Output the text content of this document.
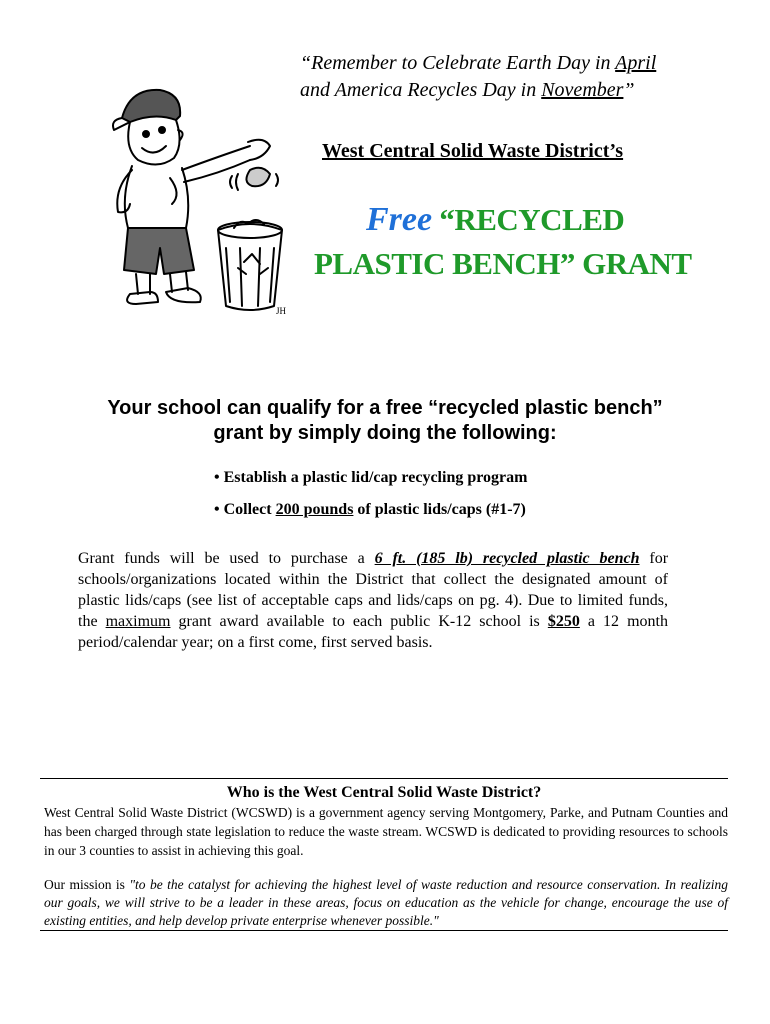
“Remember to Celebrate Earth Day in April
and America Recycles Day in November”
JH
West Central Solid Waste District’s
Free “RECYCLED
PLASTIC BENCH” GRANT
Your school can qualify for a free “recycled plastic bench”
grant by simply doing the following:
• Establish a plastic lid/cap recycling program
• Collect 200 pounds of plastic lids/caps (#1-7)
Grant funds will be used to purchase a 6 ft. (185 lb) recycled plastic bench for schools/organizations located within the District that collect the designated amount of plastic lids/caps (see list of acceptable caps and lids/caps on pg. 4). Due to limited funds, the maximum grant award available to each public K-12 school is $250 a 12 month period/calendar year; on a first come, first served basis.
Who is the West Central Solid Waste District?
West Central Solid Waste District (WCSWD) is a government agency serving Montgomery, Parke, and Putnam Counties and has been charged through state legislation to reduce the waste stream. WCSWD is dedicated to providing resources to schools in our 3 counties to assist in achieving this goal.
Our mission is "to be the catalyst for achieving the highest level of waste reduction and resource conservation. In realizing our goals, we will strive to be a leader in these areas, focus on education as the vehicle for change, encourage the use of existing entities, and help develop private enterprise whenever possible."
